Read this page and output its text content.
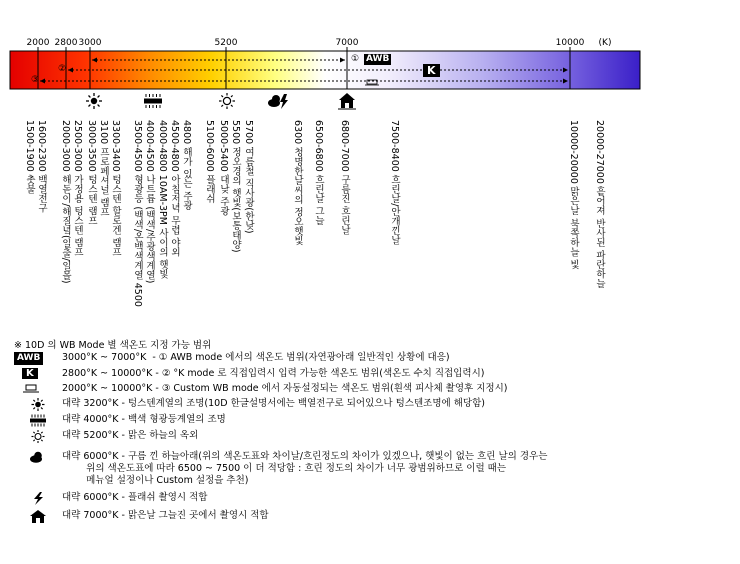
2000 2800 3000	5200	7000	10000 (K)
① AWB
K
②
③
1500-1900 촛불 1600-2300 백열전구 2000-3000 해돋이/해질녘(일출/일몰) 2500-3000 가정용 텅스텐 램프 3000-3500 텅스텐 램프 3100 프로페셔널 램프 3300-3400 텅스텐 할로겐 램프 3500-4500 형광등 (백색/온백색계열 4500 4000-4500 나트륨 (백색/주광색계열) 4000-4800 10AM-3PM 사이의 햇빛 4500-4800 아침저녁 무렵 야외 4800 해가 있는 주광 5100-6000 플래쉬 5000-5400 대낮 주광 5500 정오경의 햇빛(보통태양) 5700 여름철 직사광(한낮)	6300 청명한날씨의 정오햇빛 6500-6800 흐린날 그늘 6800-7000 구름진 흐린날	7500-8400 흐린날/안개낀날	10000-20000 맑은날 북쪽하늘 빛 20000-27000 흩어져 반사된 파란하늘
※ 10D 의 WB Mode 별 색온도 지정 가능 범위
AWB	3000°K ~ 7000°K  - ① AWB mode 에서의 색온도 범위(자연광아래 일반적인 상황에 대응)
K	2800°K ~ 10000°K - ② °K mode 로 직접입력시 입력 가능한 색온도 범위(색온도 수치 직접입력시)
2000°K ~ 10000°K - ③ Custom WB mode 에서 자동설정되는 색온도 범위(흰색 피사체 촬영후 지정시)
대략 3200°K - 텅스텐계열의 조명(10D 한글설명서에는 백열전구로 되어있으나 텅스텐조명에 해당함)
대략 4000°K - 백색 형광등계열의 조명
대략 5200°K - 맑은 하늘의 옥외
대략 6000°K - 구름 낀 하늘아래(위의 색온도표와 차이날/흐린정도의 차이가 있겠으나, 햇빛이 없는 흐린 날의 경우는
위의 색온도표에 따라 6500 ~ 7500 이 더 적당함 : 흐린 정도의 차이가 너무 광범위하므로 이럴 때는
메뉴얼 설정이나 Custom 설정을 추천)
대략 6000°K - 플래쉬 촬영시 적합
대략 7000°K - 맑은날 그늘진 곳에서 촬영시 적합
